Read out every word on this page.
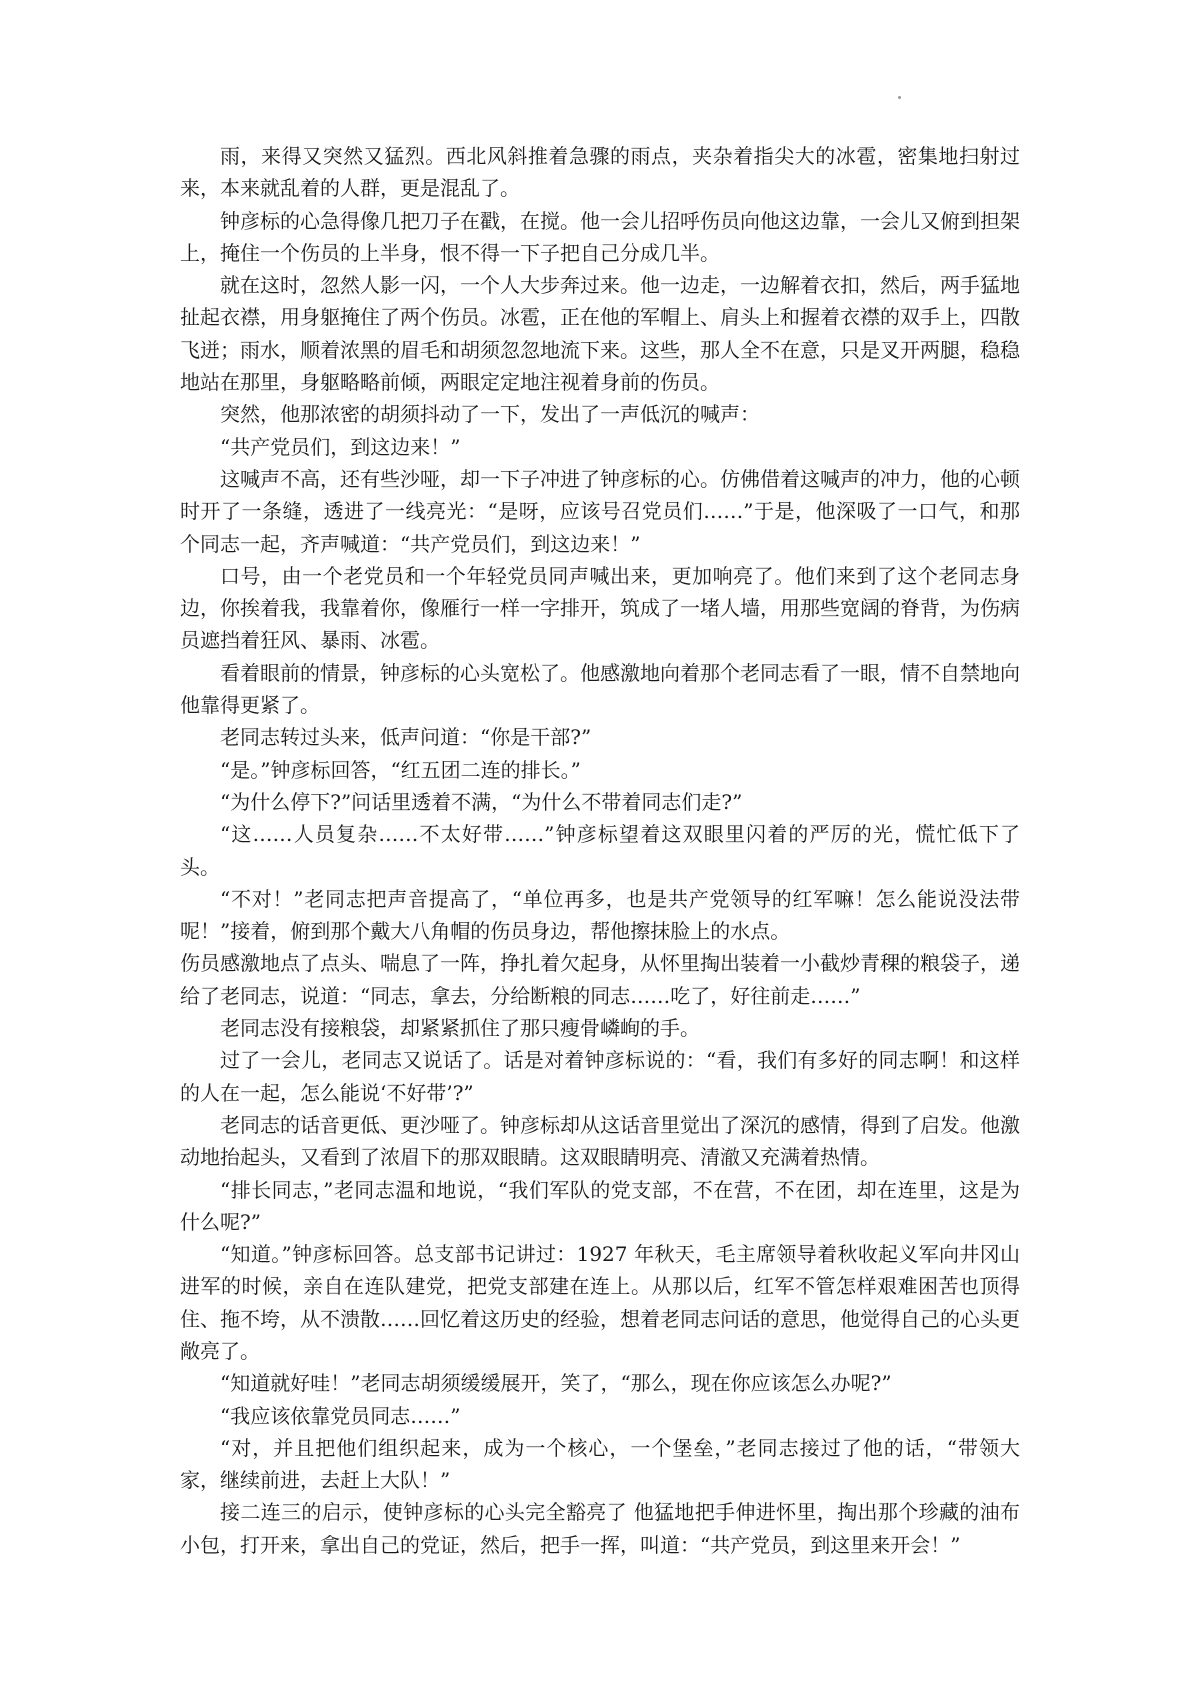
雨，来得又突然又猛烈。西北风斜推着急骤的雨点，夹杂着指尖大的冰雹，密集地扫射过来，本来就乱着的人群，更是混乱了。

钟彦标的心急得像几把刀子在戳，在搅。他一会儿招呼伤员向他这边靠，一会儿又俯到担架上，掩住一个伤员的上半身，恨不得一下子把自己分成几半。

就在这时，忽然人影一闪，一个人大步奔过来。他一边走，一边解着衣扣，然后，两手猛地扯起衣襟，用身躯掩住了两个伤员。冰雹，正在他的军帽上、肩头上和握着衣襟的双手上，四散飞迸；雨水，顺着浓黑的眉毛和胡须忽忽地流下来。这些，那人全不在意，只是叉开两腿，稳稳地站在那里，身躯略略前倾，两眼定定地注视着身前的伤员。

突然，他那浓密的胡须抖动了一下，发出了一声低沉的喊声：

“共产党员们，到这边来！”

这喊声不高，还有些沙哑，却一下子冲进了钟彦标的心。仿佛借着这喊声的冲力，他的心顿时开了一条缝，透进了一线亮光：“是呀，应该号召党员们……”于是，他深吸了一口气，和那个同志一起，齐声喊道：“共产党员们，到这边来！”

口号，由一个老党员和一个年轻党员同声喊出来，更加响亮了。他们来到了这个老同志身边，你挨着我，我靠着你，像雁行一样一字排开，筑成了一堵人墙，用那些宽阔的脊背，为伤病员遮挡着狂风、暴雨、冰雹。

看着眼前的情景，钟彦标的心头宽松了。他感激地向着那个老同志看了一眼，情不自禁地向他靠得更紧了。

老同志转过头来，低声问道：“你是干部?”

“是。”钟彦标回答，“红五团二连的排长。”

“为什么停下?”问话里透着不满，“为什么不带着同志们走?”

“这……人员复杂……不太好带……”钟彦标望着这双眼里闪着的严厉的光，慌忙低下了头。

“不对！”老同志把声音提高了，“单位再多，也是共产党领导的红军嘛！怎么能说没法带呢！”接着，俯到那个戴大八角帽的伤员身边，帮他擦抹脸上的水点。

伤员感激地点了点头、喘息了一阵，挣扎着欠起身，从怀里掏出装着一小截炒青稞的粮袋子，递给了老同志，说道：“同志，拿去，分给断粮的同志……吃了，好往前走……”

老同志没有接粮袋，却紧紧抓住了那只瘦骨嶙峋的手。

过了一会儿，老同志又说话了。话是对着钟彦标说的：“看，我们有多好的同志啊！和这样的人在一起，怎么能说‘不好带’?”

老同志的话音更低、更沙哑了。钟彦标却从这话音里觉出了深沉的感情，得到了启发。他激动地抬起头，又看到了浓眉下的那双眼睛。这双眼睛明亮、清澈又充满着热情。

“排长同志，”老同志温和地说，“我们军队的党支部，不在营，不在团，却在连里，这是为什么呢?”

“知道。”钟彦标回答。总支部书记讲过：1927 年秋天，毛主席领导着秋收起义军向井冈山进军的时候，亲自在连队建党，把党支部建在连上。从那以后，红军不管怎样艰难困苦也顶得住、拖不垮，从不溃散……回忆着这历史的经验，想着老同志问话的意思，他觉得自己的心头更敞亮了。

“知道就好哇！”老同志胡须缓缓展开，笑了，“那么，现在你应该怎么办呢?”

“我应该依靠党员同志……”

“对，并且把他们组织起来，成为一个核心，一个堡垒，”老同志接过了他的话，“带领大家，继续前进，去赶上大队！”

接二连三的启示，使钟彦标的心头完全豁亮了 他猛地把手伸进怀里，掏出那个珍藏的油布小包，打开来，拿出自己的党证，然后，把手一挥，叫道：“共产党员，到这里来开会！”
